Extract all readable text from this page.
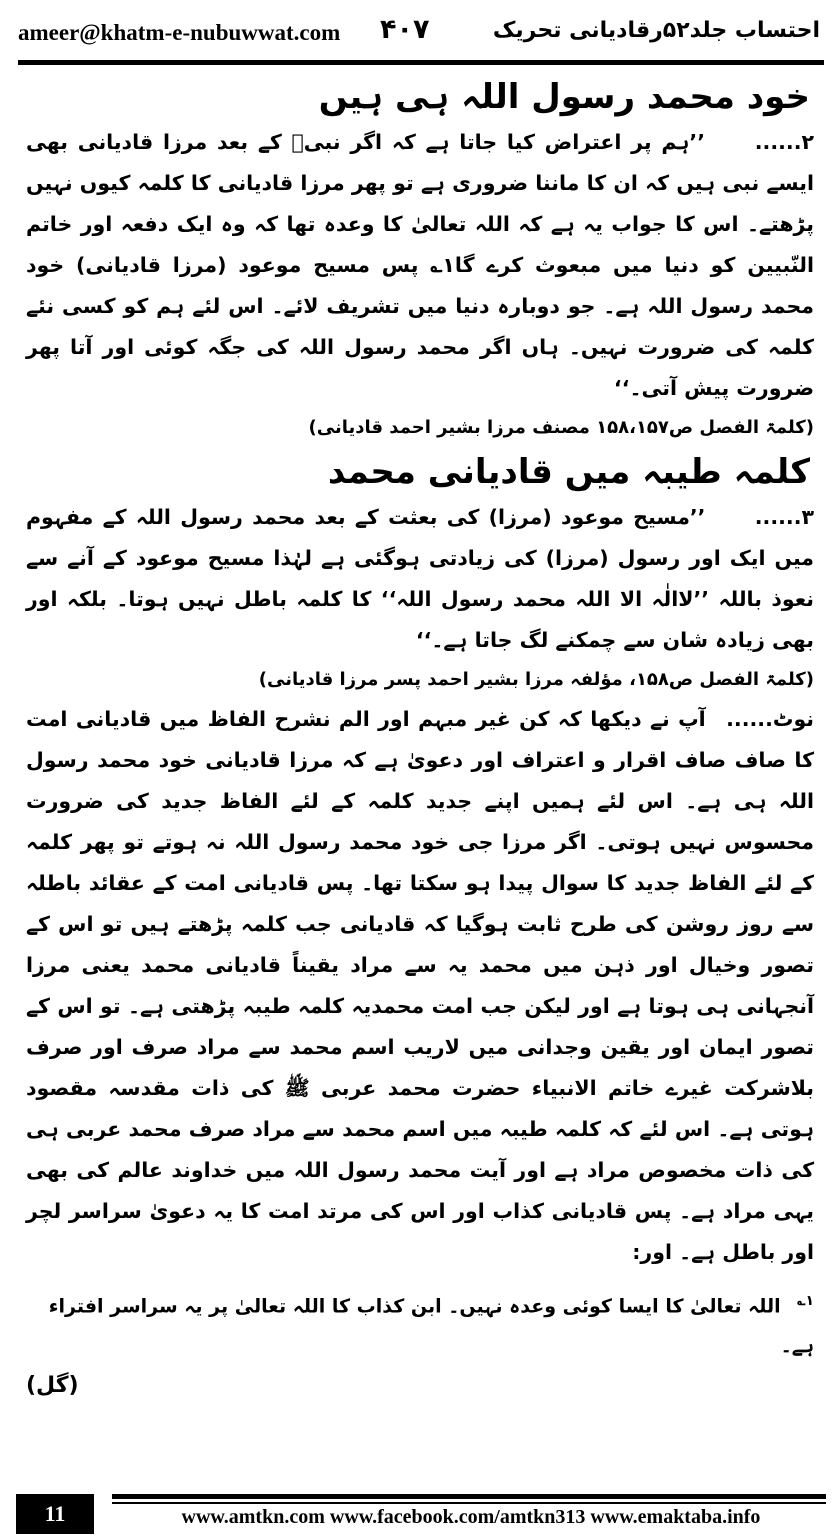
ameer@khatm-e-nubuwwat.com ۴۰۷	احتساب جلد۵۲رقادیانی تحریک
خود محمد رسول اللہ ہی ہیں

۲...... ’’ہم پر اعتراض کیا جاتا ہے کہ اگر نبیؐ کے بعد مرزا قادیانی بھی ایسے نبی ہیں کہ ان کا ماننا ضروری ہے تو پھر مرزا قادیانی کا کلمہ کیوں نہیں پڑھتے۔ اس کا جواب یہ ہے کہ اللہ تعالیٰ کا وعدہ تھا کہ وہ ایک دفعہ اور خاتم النّبیین کو دنیا میں مبعوث کرے گا۱؎ پس مسیح موعود (مرزا قادیانی) خود محمد رسول اللہ ہے۔ جو دوبارہ دنیا میں تشریف لائے۔ اس لئے ہم کو کسی نئے کلمہ کی ضرورت نہیں۔ ہاں اگر محمد رسول اللہ کی جگہ کوئی اور آتا پھر ضرورت پیش آتی۔‘‘

(کلمۃ الفصل ص۱۵۸،۱۵۷ مصنف مرزا بشیر احمد قادیانی)

کلمہ طیبہ میں قادیانی محمد

۳...... ’’مسیح موعود (مرزا) کی بعثت کے بعد محمد رسول اللہ کے مفہوم میں ایک اور رسول (مرزا) کی زیادتی ہوگئی ہے لہٰذا مسیح موعود کے آنے سے نعوذ باللہ ’’لاالٰہ الا اللہ محمد رسول اللہ‘‘ کا کلمہ باطل نہیں ہوتا۔ بلکہ اور بھی زیادہ شان سے چمکنے لگ جاتا ہے۔‘‘

(کلمۃ الفصل ص۱۵۸، مؤلفہ مرزا بشیر احمد پسر مرزا قادیانی)

نوٹ...... آپ نے دیکھا کہ کن غیر مبہم اور الم نشرح الفاظ میں قادیانی امت کا صاف صاف اقرار و اعتراف اور دعویٰ ہے کہ مرزا قادیانی خود محمد رسول اللہ ہی ہے۔ اس لئے ہمیں اپنے جدید کلمہ کے لئے الفاظ جدید کی ضرورت محسوس نہیں ہوتی۔ اگر مرزا جی خود محمد رسول اللہ نہ ہوتے تو پھر کلمہ کے لئے الفاظ جدید کا سوال پیدا ہو سکتا تھا۔ پس قادیانی امت کے عقائد باطلہ سے روز روشن کی طرح ثابت ہوگیا کہ قادیانی جب کلمہ پڑھتے ہیں تو اس کے تصور وخیال اور ذہن میں محمد یہ سے مراد یقیناً قادیانی محمد یعنی مرزا آنجہانی ہی ہوتا ہے اور لیکن جب امت محمدیہ کلمہ طیبہ پڑھتی ہے۔ تو اس کے تصور ایمان اور یقین وجدانی میں لاریب اسم محمد سے مراد صرف اور صرف بلاشرکت غیرے خاتم الانبیاء حضرت محمد عربی ﷺ کی ذات مقدسہ مقصود ہوتی ہے۔ اس لئے کہ کلمہ طیبہ میں اسم محمد سے مراد صرف محمد عربی ہی کی ذات مخصوص مراد ہے اور آیت محمد رسول اللہ میں خداوند عالم کی بھی یہی مراد ہے۔ پس قادیانی کذاب اور اس کی مرتد امت کا یہ دعویٰ سراسر لچر اور باطل ہے۔ اور:

$^{۱؎}$ اللہ تعالیٰ کا ایسا کوئی وعدہ نہیں۔ ابن کذاب کا اللہ تعالیٰ پر یہ سراسر افتراء ہے۔

(گل)

11	www.amtkn.com www.facebook.com/amtkn313 www.emaktaba.info
